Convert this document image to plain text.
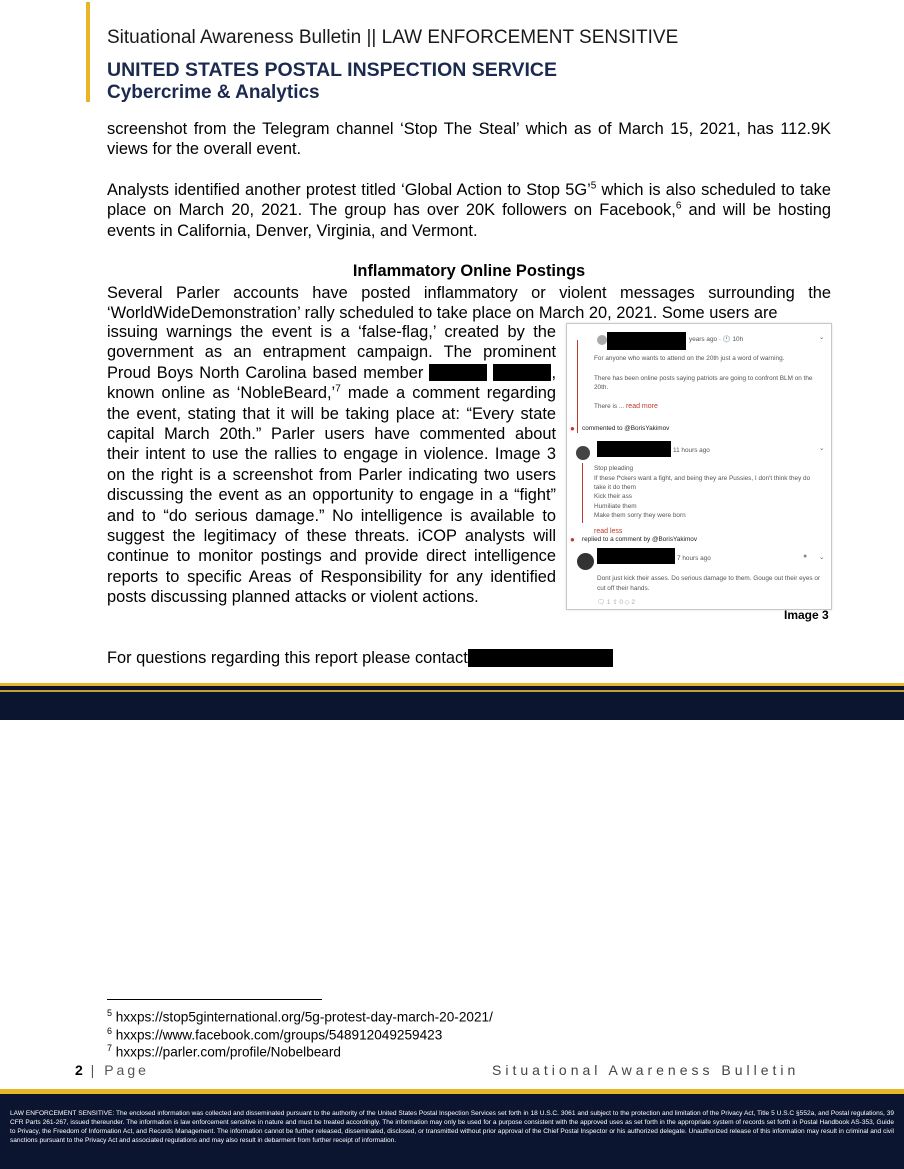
Situational Awareness Bulletin || LAW ENFORCEMENT SENSITIVE
UNITED STATES POSTAL INSPECTION SERVICE
Cybercrime & Analytics
screenshot from the Telegram channel ‘Stop The Steal’ which as of March 15, 2021, has 112.9K views for the overall event.
Analysts identified another protest titled ‘Global Action to Stop 5G’$^5$ which is also scheduled to take place on March 20, 2021. The group has over 20K followers on Facebook,$^6$ and will be hosting events in California, Denver, Virginia, and Vermont.
Inflammatory Online Postings
Several Parler accounts have posted inflammatory or violent messages surrounding the ‘WorldWideDemonstration’ rally scheduled to take place on March 20, 2021. Some users are
issuing warnings the event is a ‘false-flag,’ created by the government as an entrapment campaign. The prominent Proud Boys North Carolina based member	, known online as ‘NobleBeard,’$^7$ made a comment regarding the event, stating that it will be taking place at: “Every state capital March 20th.” Parler users have commented about their intent to use the rallies to engage in violence. Image 3 on the right is a screenshot from Parler indicating two users discussing the event as an opportunity to engage in a “fight” and to “do serious damage.” No intelligence is available to suggest the legitimacy of these threats. iCOP analysts will continue to monitor postings and provide direct intelligence reports to specific Areas of Responsibility for any identified posts discussing planned attacks or violent actions.
years ago · 🕛 10h	⌄
For anyone who wants to attend on the 20th just a word of warning.
There has been online posts saying patriots are going to confront BLM on the
20th.
There is ... read more
● commented to @BorisYakimov
11 hours ago	⌄
Stop pleading
If these f*ckers want a fight, and being they are Pussies, I don't think they do
take it do them
Kick their ass
Humiliate them
Make them sorry they were born
read less
● replied to a comment by @BorisYakimov
7 hours ago	● ⌄
Dont just kick their asses. Do serious damage to them. Gouge out their eyes or
cut off their hands.
🗨 1 ⇧ 0 ◇ 2
Image 3
For questions regarding this report please contact
$^5$ hxxps://stop5ginternational.org/5g-protest-day-march-20-2021/
$^6$ hxxps://www.facebook.com/groups/548912049259423
$^7$ hxxps://parler.com/profile/Nobelbeard
2 | Page	Situational Awareness Bulletin
LAW ENFORCEMENT SENSITIVE: The enclosed information was collected and disseminated pursuant to the authority of the United States Postal Inspection Services set forth in 18 U.S.C. 3061 and subject to the protection and limitation of the Privacy Act, Title 5 U.S.C §552a, and Postal regulations, 39 CFR Parts 261-267, issued thereunder. The information is law enforcement sensitive in nature and must be treated accordingly. The information may only be used for a purpose consistent with the approved uses as set forth in the appropriate system of records set forth in Postal Handbook AS-353, Guide to Privacy, the Freedom of Information Act, and Records Management. The information cannot be further released, disseminated, disclosed, or transmitted without prior approval of the Chief Postal Inspector or his authorized delegate. Unauthorized release of this information may result in criminal and civil sanctions pursuant to the Privacy Act and associated regulations and may also result in debarment from further receipt of information.
